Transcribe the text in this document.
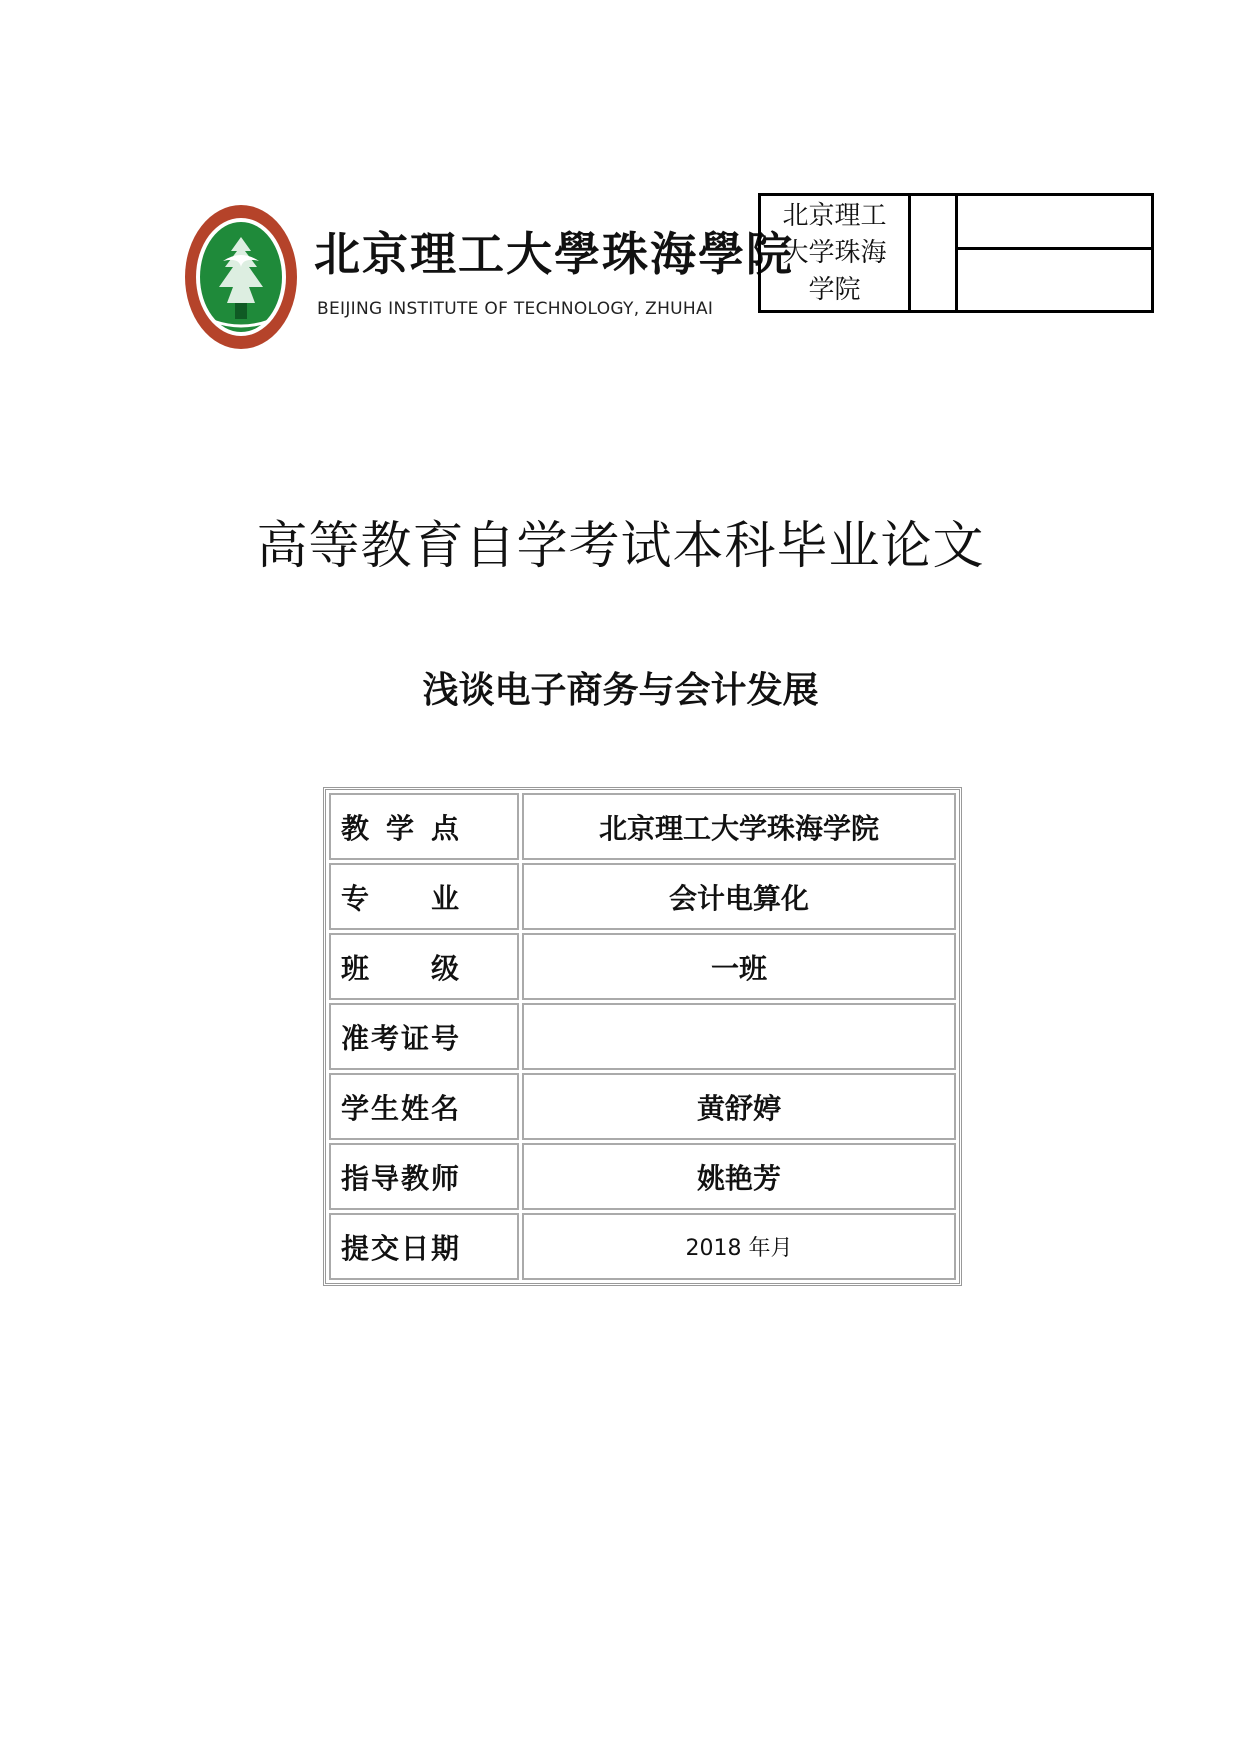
北京理工大學珠海學院
BEIJING INSTITUTE OF TECHNOLOGY, ZHUHAI
北京理工大学珠海学院

高等教育自学考试本科毕业论文
浅谈电子商务与会计发展
教 学 点	北京理工大学珠海学院
专 业	会计电算化
班 级	一班
准考证号	
学生姓名	黄舒婷
指导教师	姚艳芳
提交日期	2018 年月
